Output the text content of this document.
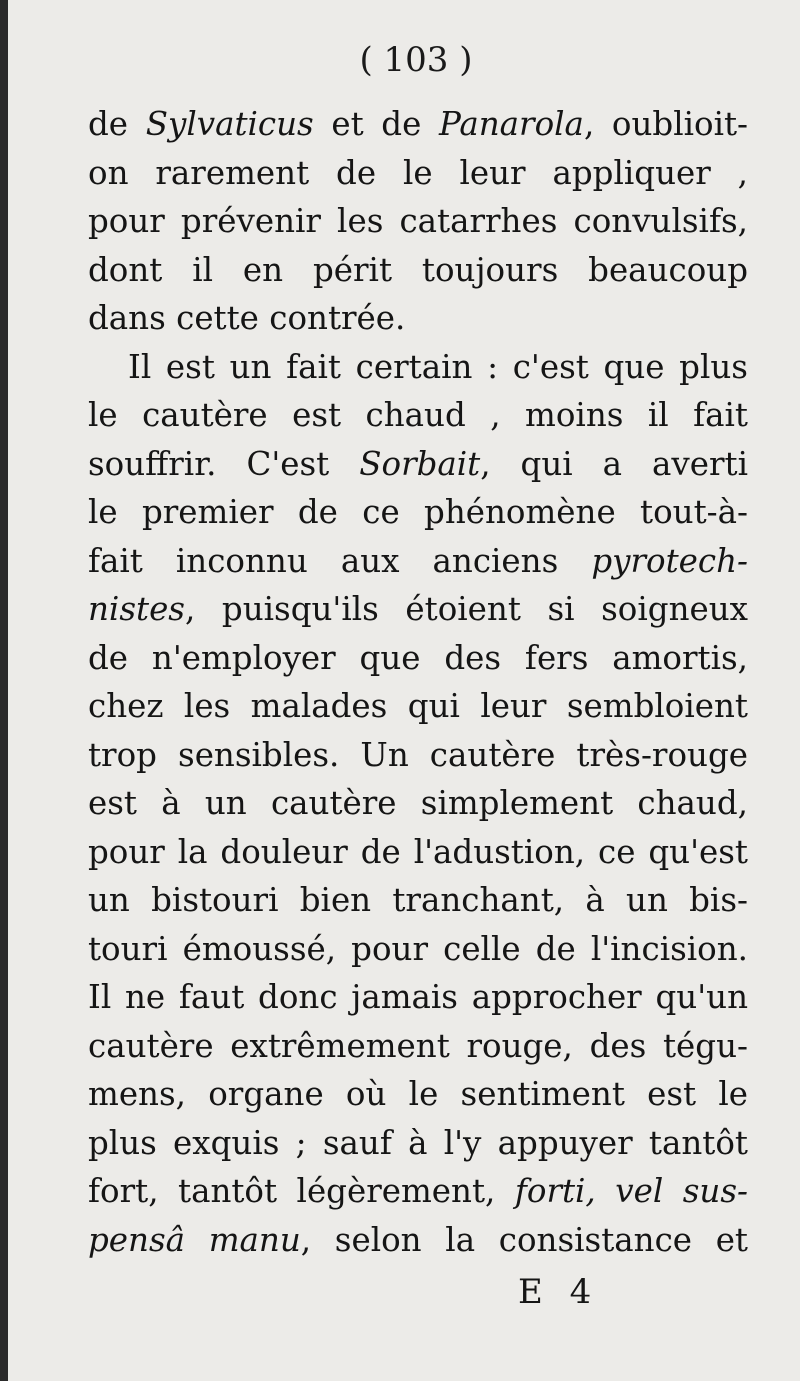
( 103 )
de Sylvaticus et de Panarola, oublioit-
on rarement de le leur appliquer ,
pour prévenir les catarrhes convulsifs,
dont il en périt toujours beaucoup
dans cette contrée.
Il est un fait certain : c'est que plus
le cautère est chaud , moins il fait
souffrir. C'est Sorbait, qui a averti
le premier de ce phénomène tout-à-
fait inconnu aux anciens pyrotech-
nistes, puisqu'ils étoient si soigneux
de n'employer que des fers amortis,
chez les malades qui leur sembloient
trop sensibles. Un cautère très-rouge
est à un cautère simplement chaud,
pour la douleur de l'adustion, ce qu'est
un bistouri bien tranchant, à un bis-
touri émoussé, pour celle de l'incision.
Il ne faut donc jamais approcher qu'un
cautère extrêmement rouge, des tégu-
mens, organe où le sentiment est le
plus exquis ; sauf à l'y appuyer tantôt
fort, tantôt légèrement, forti, vel sus-
pensâ manu, selon la consistance et
E 4
